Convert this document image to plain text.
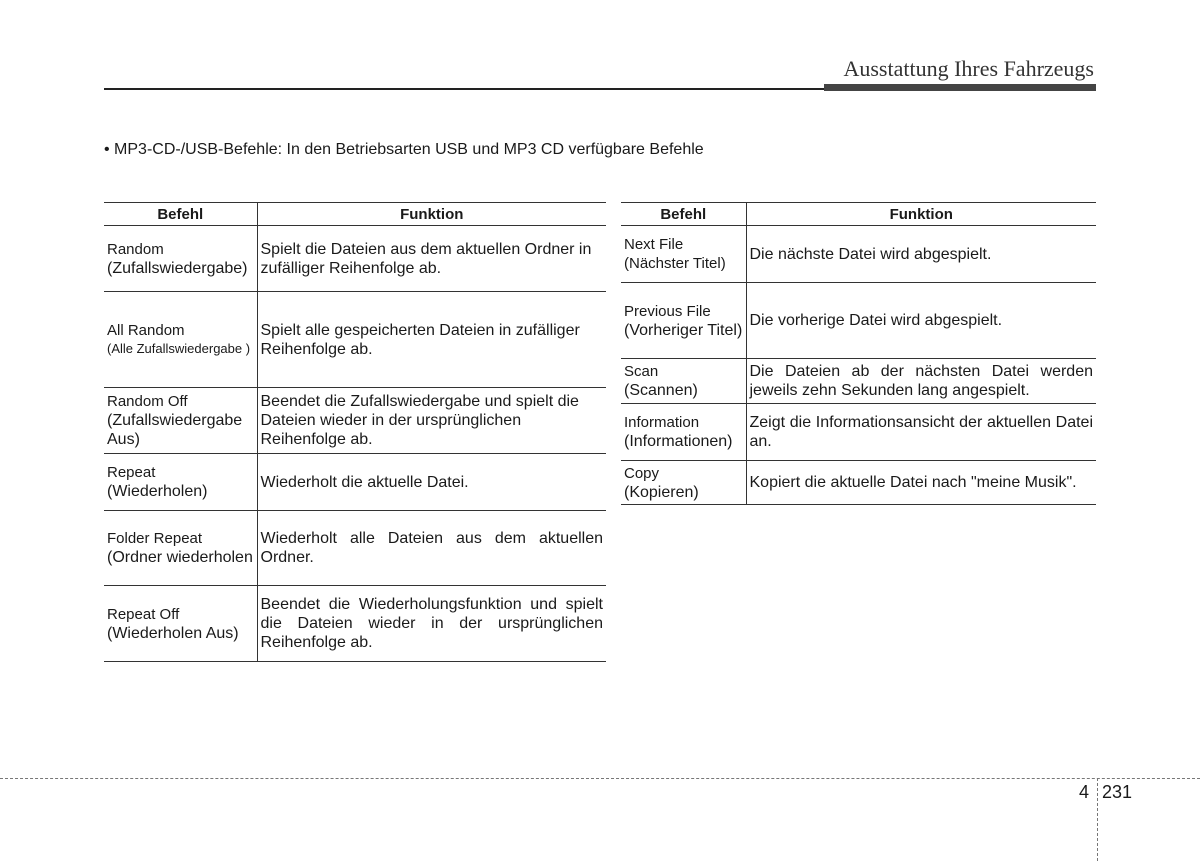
Ausstattung Ihres Fahrzeugs
• MP3-CD-/USB-Befehle: In den Betriebsarten USB und MP3 CD verfügbare Befehle
Befehl	Funktion

Random
(Zufallswiedergabe)	Spielt die Dateien aus dem aktuellen Ordner in zufälliger Reihenfolge ab.

All Random
(Alle Zufallswiedergabe )	Spielt alle gespeicherten Dateien in zufälliger Reihenfolge ab.

Random Off
(Zufallswiedergabe Aus)	Beendet die Zufallswiedergabe und spielt die Dateien wieder in der ursprünglichen Reihenfolge ab.

Repeat
(Wiederholen)	Wiederholt die aktuelle Datei.

Folder Repeat
(Ordner wiederholen	Wiederholt alle Dateien aus dem aktuellen Ordner.

Repeat Off
(Wiederholen Aus)	Beendet die Wiederholungsfunktion und spielt die Dateien wieder in der ursprünglichen Reihenfolge ab.
Befehl	Funktion

Next File
(Nächster Titel)	Die nächste Datei wird abgespielt.

Previous File
(Vorheriger Titel)	Die vorherige Datei wird abgespielt.

Scan
(Scannen)	Die Dateien ab der nächsten Datei werden jeweils zehn Sekunden lang angespielt.

Information
(Informationen)	Zeigt die Informationsansicht der aktuellen Datei an.

Copy
(Kopieren)	Kopiert die aktuelle Datei nach "meine Musik".
4 231
